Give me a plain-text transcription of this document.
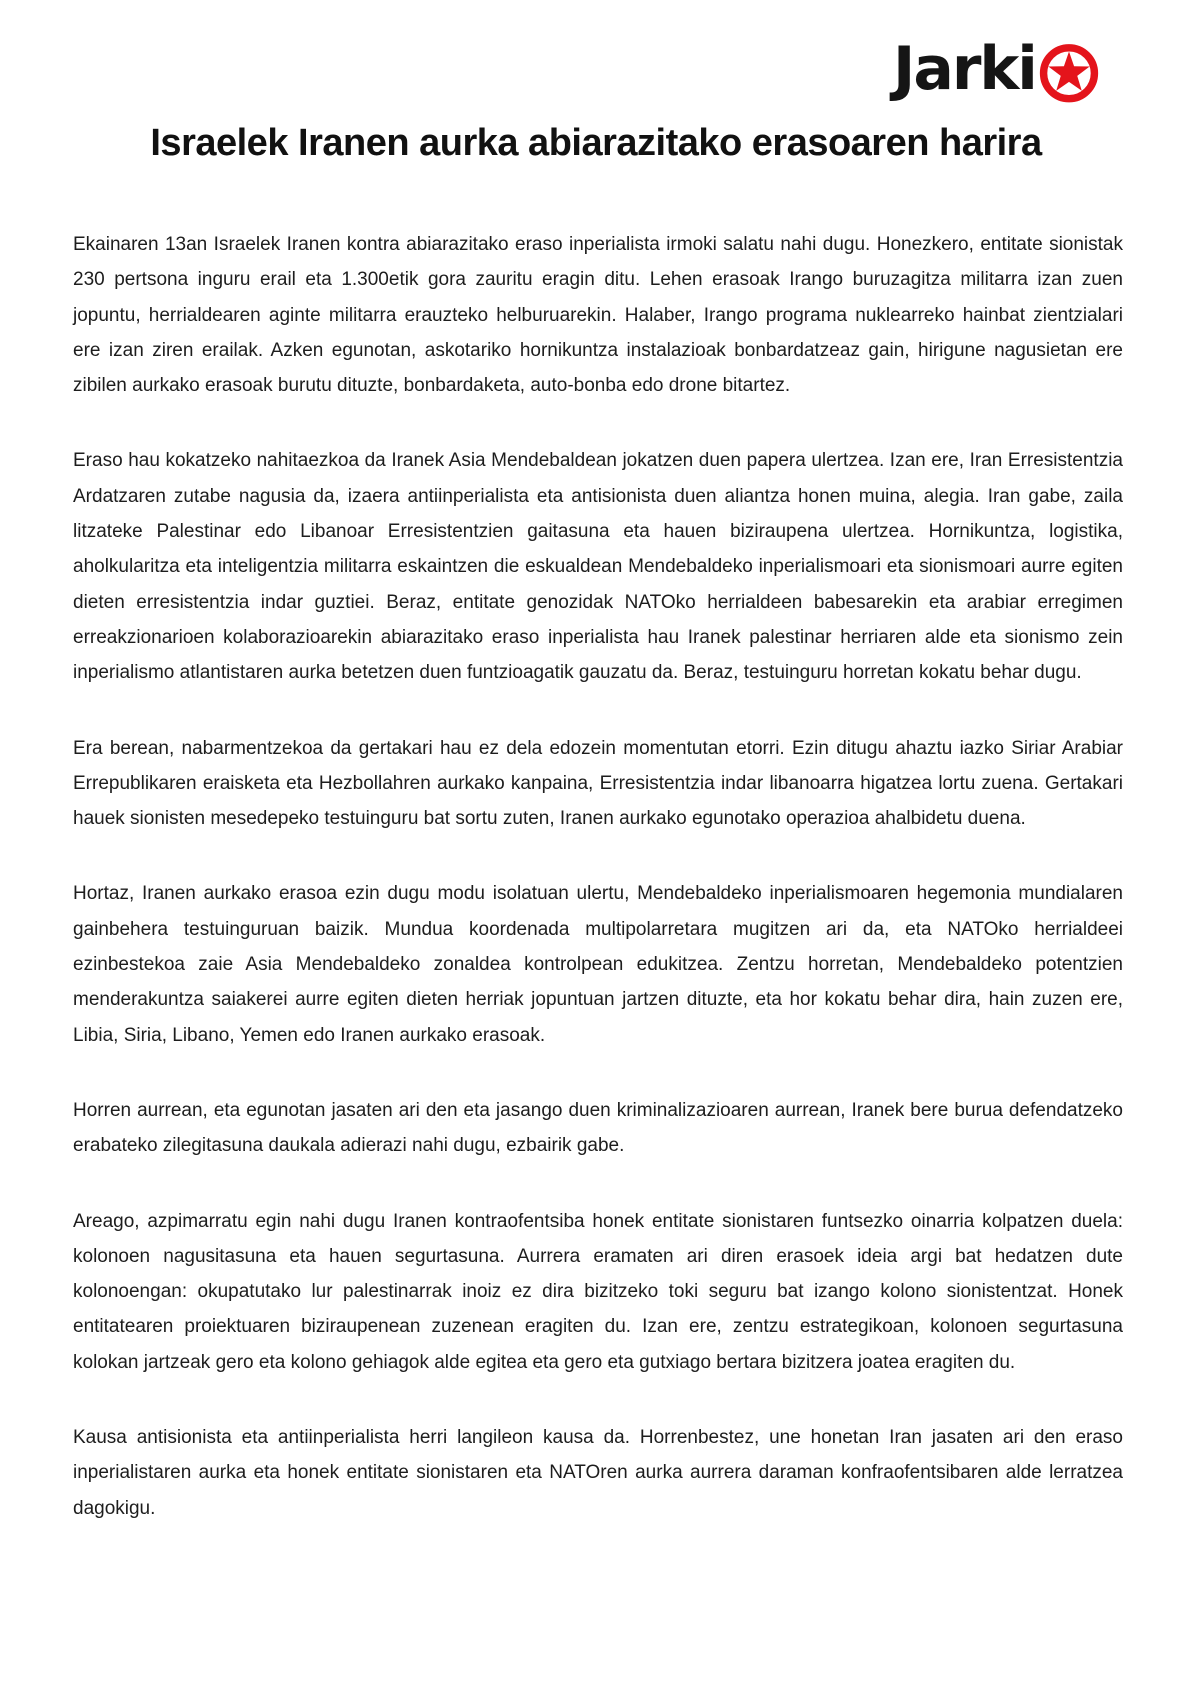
Jarki
Israelek Iranen aurka abiarazitako erasoaren harira

Ekainaren 13an Israelek Iranen kontra abiarazitako eraso inperialista irmoki salatu nahi dugu. Honezkero, entitate sionistak 230 pertsona inguru erail eta 1.300etik gora zauritu eragin ditu. Lehen erasoak Irango buruzagitza militarra izan zuen jopuntu, herrialdearen aginte militarra erauzteko helburuarekin. Halaber, Irango programa nuklearreko hainbat zientzialari ere izan ziren erailak. Azken egunotan, askotariko hornikuntza instalazioak bonbardatzeaz gain, hirigune nagusietan ere zibilen aurkako erasoak burutu dituzte, bonbardaketa, auto-bonba edo drone bitartez.

Eraso hau kokatzeko nahitaezkoa da Iranek Asia Mendebaldean jokatzen duen papera ulertzea. Izan ere, Iran Erresistentzia Ardatzaren zutabe nagusia da, izaera antiinperialista eta antisionista duen aliantza honen muina, alegia. Iran gabe, zaila litzateke Palestinar edo Libanoar Erresistentzien gaitasuna eta hauen biziraupena ulertzea. Hornikuntza, logistika, aholkularitza eta inteligentzia militarra eskaintzen die eskualdean Mendebaldeko inperialismoari eta sionismoari aurre egiten dieten erresistentzia indar guztiei. Beraz, entitate genozidak NATOko herrialdeen babesarekin eta arabiar erregimen erreakzionarioen kolaborazioarekin abiarazitako eraso inperialista hau Iranek palestinar herriaren alde eta sionismo zein inperialismo atlantistaren aurka betetzen duen funtzioagatik gauzatu da. Beraz, testuinguru horretan kokatu behar dugu.

Era berean, nabarmentzekoa da gertakari hau ez dela edozein momentutan etorri. Ezin ditugu ahaztu iazko Siriar Arabiar Errepublikaren eraisketa eta Hezbollahren aurkako kanpaina, Erresistentzia indar libanoarra higatzea lortu zuena. Gertakari hauek sionisten mesedepeko testuinguru bat sortu zuten, Iranen aurkako egunotako operazioa ahalbidetu duena.

Hortaz, Iranen aurkako erasoa ezin dugu modu isolatuan ulertu, Mendebaldeko inperialismoaren hegemonia mundialaren gainbehera testuinguruan baizik. Mundua koordenada multipolarretara mugitzen ari da, eta NATOko herrialdeei ezinbestekoa zaie Asia Mendebaldeko zonaldea kontrolpean edukitzea. Zentzu horretan, Mendebaldeko potentzien menderakuntza saiakerei aurre egiten dieten herriak jopuntuan jartzen dituzte, eta hor kokatu behar dira, hain zuzen ere, Libia, Siria, Libano, Yemen edo Iranen aurkako erasoak.

Horren aurrean, eta egunotan jasaten ari den eta jasango duen kriminalizazioaren aurrean, Iranek bere burua defendatzeko erabateko zilegitasuna daukala adierazi nahi dugu, ezbairik gabe.

Areago, azpimarratu egin nahi dugu Iranen kontraofentsiba honek entitate sionistaren funtsezko oinarria kolpatzen duela: kolonoen nagusitasuna eta hauen segurtasuna. Aurrera eramaten ari diren erasoek ideia argi bat hedatzen dute kolonoengan: okupatutako lur palestinarrak inoiz ez dira bizitzeko toki seguru bat izango kolono sionistentzat. Honek entitatearen proiektuaren biziraupenean zuzenean eragiten du. Izan ere, zentzu estrategikoan, kolonoen segurtasuna kolokan jartzeak gero eta kolono gehiagok alde egitea eta gero eta gutxiago bertara bizitzera joatea eragiten du.

Kausa antisionista eta antiinperialista herri langileon kausa da. Horrenbestez, une honetan Iran jasaten ari den eraso inperialistaren aurka eta honek entitate sionistaren eta NATOren aurka aurrera daraman konfraofentsibaren alde lerratzea dagokigu.
